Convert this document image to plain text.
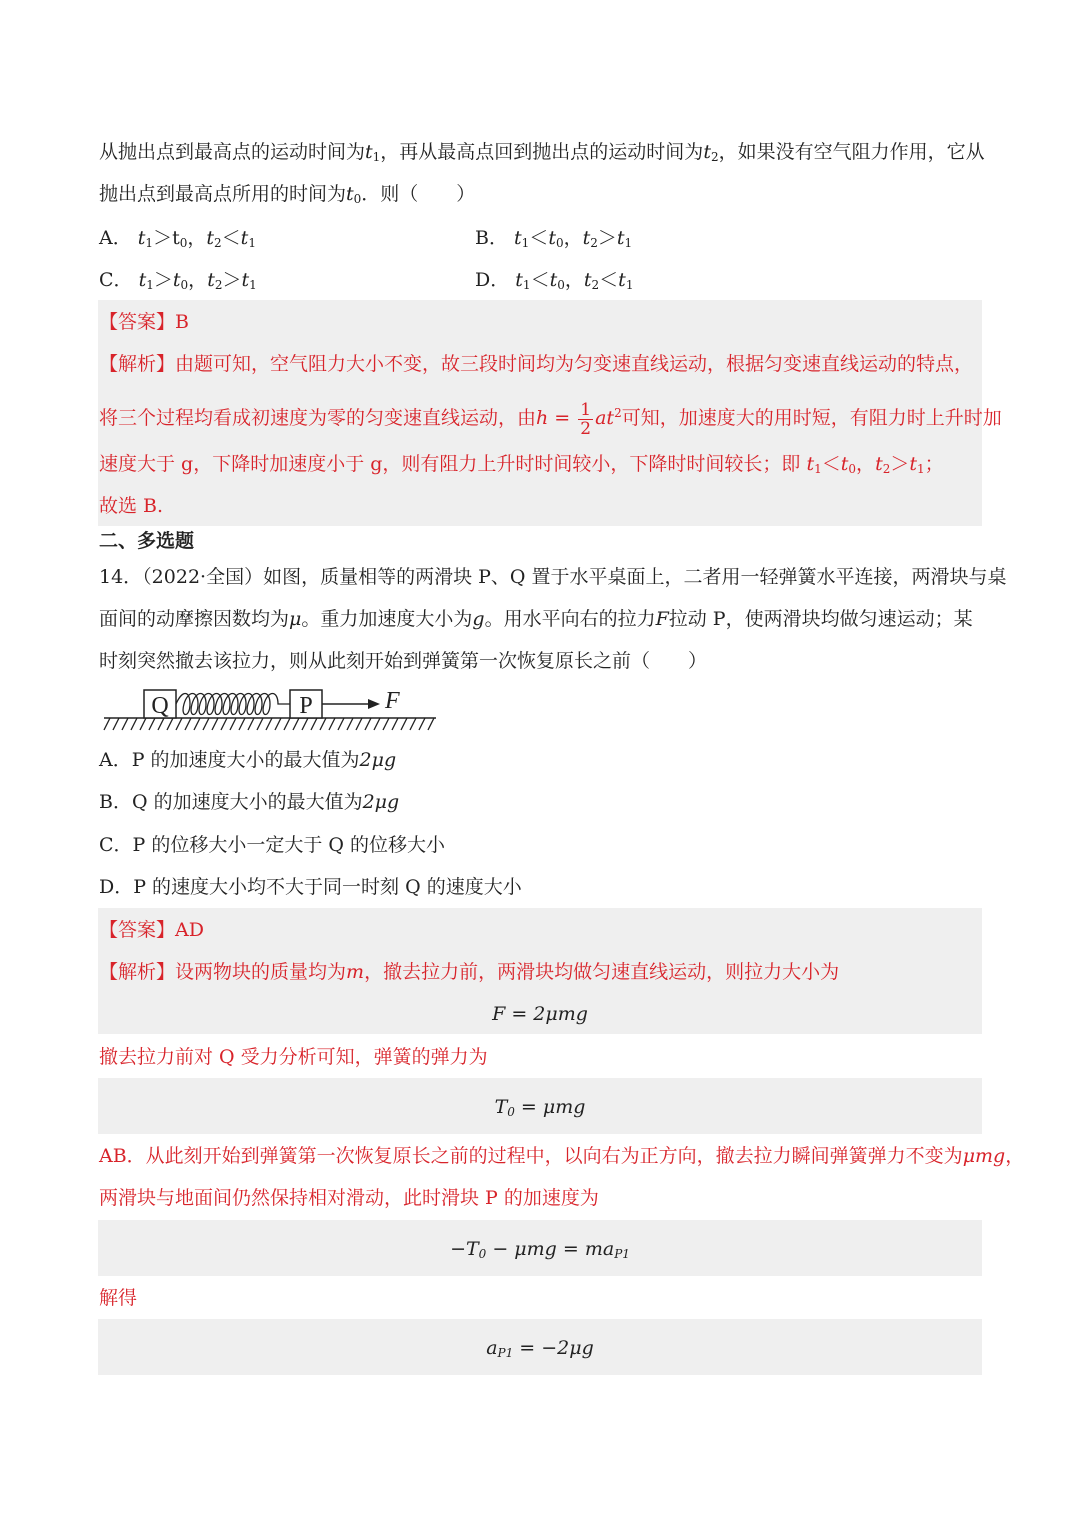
从抛出点到最高点的运动时间为$t_1$，再从最高点回到抛出点的运动时间为$t_2$，如果没有空气阻力作用，它从
抛出点到最高点所用的时间为$t_0$．则（　　）
A． $t_1>t_0$，$t_2<t_1$	B． $t_1<t_0$，$t_2>t_1$
C． $t_1>t_0$，$t_2>t_1$	D． $t_1<t_0$，$t_2<t_1$
【答案】B
【解析】由题可知，空气阻力大小不变，故三段时间均为匀变速直线运动，根据匀变速直线运动的特点，
将三个过程均看成初速度为零的匀变速直线运动，由$h = \frac{1}{2} at^2$可知，加速度大的用时短，有阻力时上升时加
速度大于 g，下降时加速度小于 g，则有阻力上升时时间较小，下降时时间较长；即 $t_1<t_0$，$t_2>t_1$；
故选 B.
二、多选题
14．（2022·全国）如图，质量相等的两滑块 P、Q 置于水平桌面上，二者用一轻弹簧水平连接，两滑块与桌
面间的动摩擦因数均为μ。重力加速度大小为g。用水平向右的拉力F拉动 P，使两滑块均做匀速运动；某
时刻突然撤去该拉力，则从此刻开始到弹簧第一次恢复原长之前（　　）
Q	P	F
A．P 的加速度大小的最大值为2μg
B．Q 的加速度大小的最大值为2μg
C．P 的位移大小一定大于 Q 的位移大小
D．P 的速度大小均不大于同一时刻 Q 的速度大小
【答案】AD
【解析】设两物块的质量均为m，撤去拉力前，两滑块均做匀速直线运动，则拉力大小为
F = 2μmg
撤去拉力前对 Q 受力分析可知，弹簧的弹力为
$T_0 = \mu mg$
AB．从此刻开始到弹簧第一次恢复原长之前的过程中，以向右为正方向，撤去拉力瞬间弹簧弹力不变为μmg，
两滑块与地面间仍然保持相对滑动，此时滑块 P 的加速度为
$-T_0 - \mu mg = ma_{P1}$
解得
$a_{P1} = -2\mu g$
